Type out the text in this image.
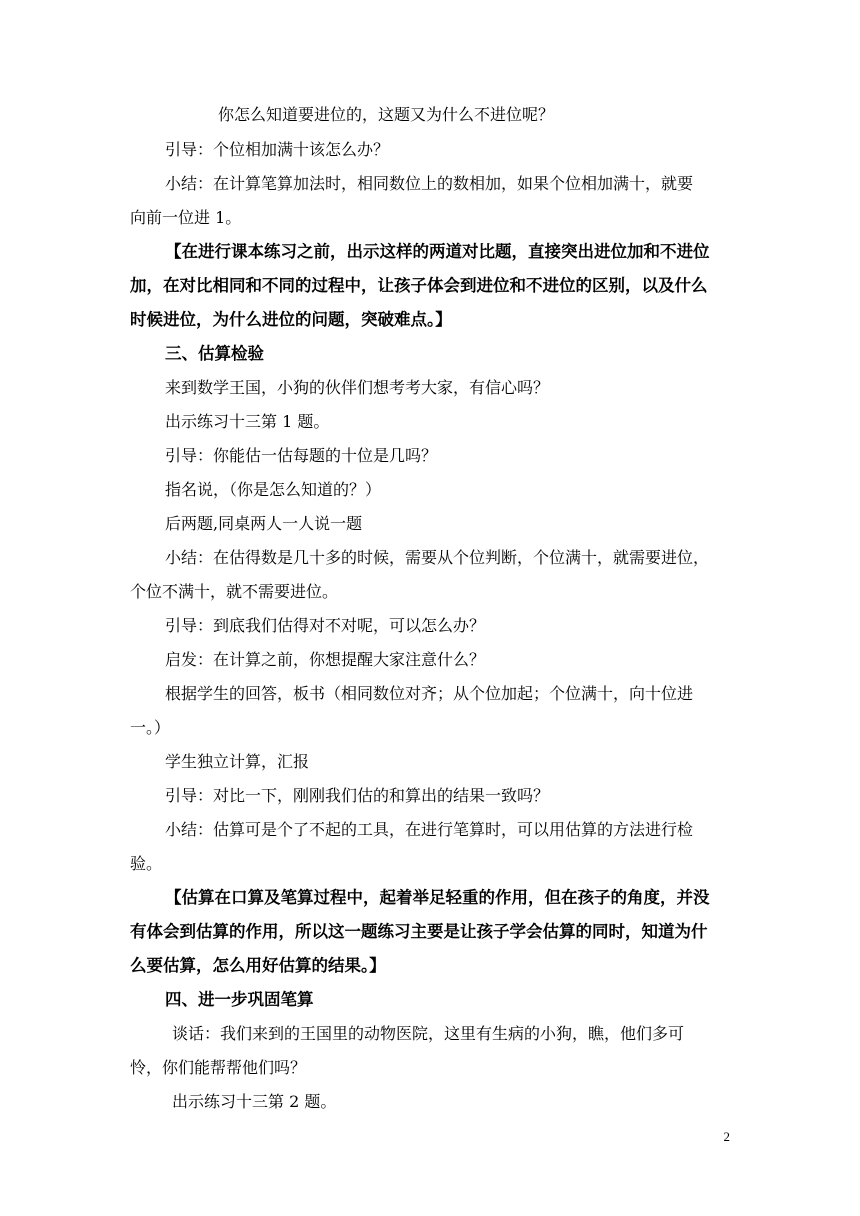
你怎么知道要进位的，这题又为什么不进位呢？
引导：个位相加满十该怎么办？
小结：在计算笔算加法时，相同数位上的数相加，如果个位相加满十，就要
向前一位进 1。
【在进行课本练习之前，出示这样的两道对比题，直接突出进位加和不进位
加，在对比相同和不同的过程中，让孩子体会到进位和不进位的区别，以及什么
时候进位，为什么进位的问题，突破难点。】
三、估算检验
来到数学王国，小狗的伙伴们想考考大家，有信心吗？
出示练习十三第 1 题。
引导：你能估一估每题的十位是几吗？
指名说，（你是怎么知道的？）
后两题,同桌两人一人说一题
小结：在估得数是几十多的时候，需要从个位判断，个位满十，就需要进位，
个位不满十，就不需要进位。
引导：到底我们估得对不对呢，可以怎么办？
启发：在计算之前，你想提醒大家注意什么？
根据学生的回答，板书（相同数位对齐；从个位加起；个位满十，向十位进
一。）
学生独立计算，汇报
引导：对比一下，刚刚我们估的和算出的结果一致吗？
小结：估算可是个了不起的工具，在进行笔算时，可以用估算的方法进行检
验。
【估算在口算及笔算过程中，起着举足轻重的作用，但在孩子的角度，并没
有体会到估算的作用，所以这一题练习主要是让孩子学会估算的同时，知道为什
么要估算，怎么用好估算的结果。】
四、进一步巩固笔算
谈话：我们来到的王国里的动物医院，这里有生病的小狗，瞧，他们多可
怜，你们能帮帮他们吗？
出示练习十三第 2 题。
2
